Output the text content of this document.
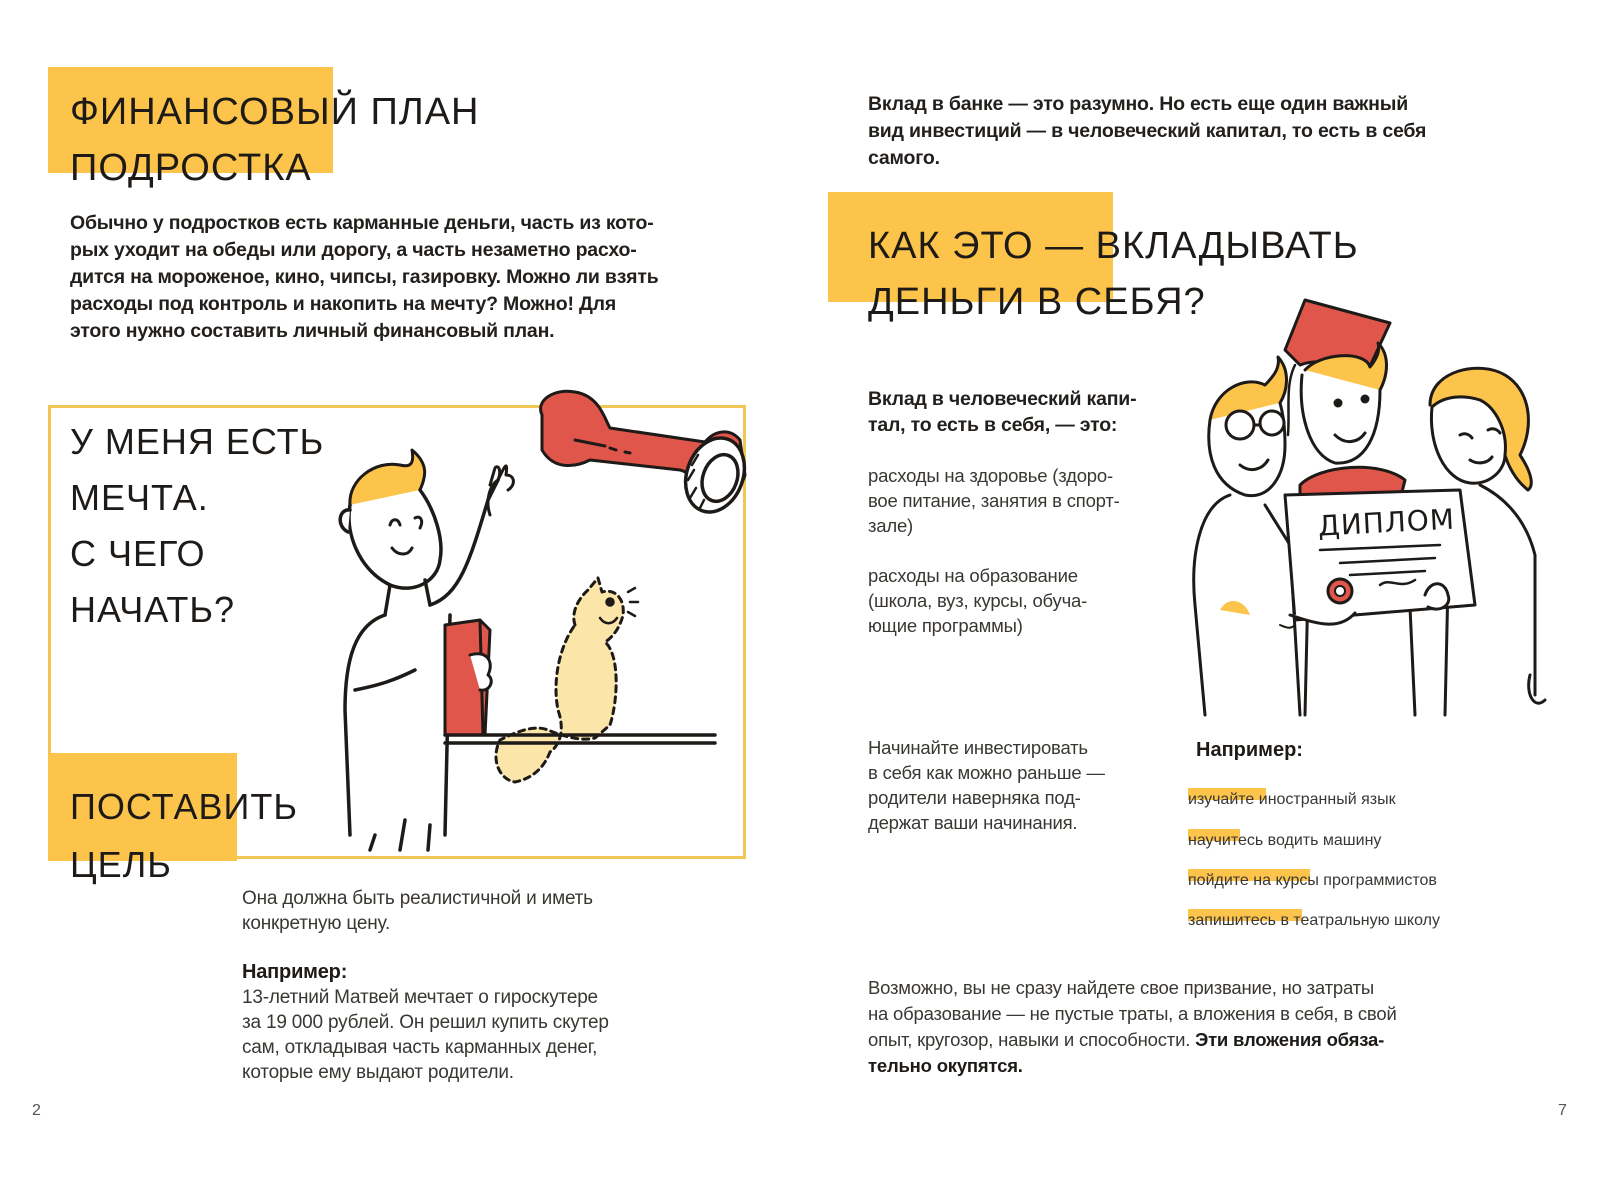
ФИНАНСОВЫЙ ПЛАН
ПОДРОСТКА

Обычно у подростков есть карманные деньги, часть из кото-
рых уходит на обеды или дорогу, а часть незаметно расхо-
дится на мороженое, кино, чипсы, газировку. Можно ли взять
расходы под контроль и накопить на мечту? Можно! Для
этого нужно составить личный финансовый план.

У МЕНЯ ЕСТЬ
МЕЧТА.
С ЧЕГО
НАЧАТЬ?
ПОСТАВИТЬ
ЦЕЛЬ

Она должна быть реалистичной и иметь
конкретную цену.

Например:
13-летний Матвей мечтает о гироскутере
за 19 000 рублей. Он решил купить скутер
сам, откладывая часть карманных денег,
которые ему выдают родители.

2

Вклад в банке — это разумно. Но есть еще один важный
вид инвестиций — в человеческий капитал, то есть в себя
самого.

КАК ЭТО — ВКЛАДЫВАТЬ
ДЕНЬГИ В СЕБЯ?

Вклад в человеческий капи-
тал, то есть в себя, — это:

расходы на здоровье (здоро-
вое питание, занятия в спорт-
зале)

расходы на образование
(школа, вуз, курсы, обуча-
ющие программы)

ДИПЛОМ

Начинайте инвестировать
в себя как можно раньше —
родители наверняка под-
держат ваши начинания.

Например:
изучайте иностранный язык
научитесь водить машину
пойдите на курсы программистов
запишитесь в театральную школу

Возможно, вы не сразу найдете свое призвание, но затраты
на образование — не пустые траты, а вложения в себя, в свой
опыт, кругозор, навыки и способности. Эти вложения обяза-
тельно окупятся.

7
